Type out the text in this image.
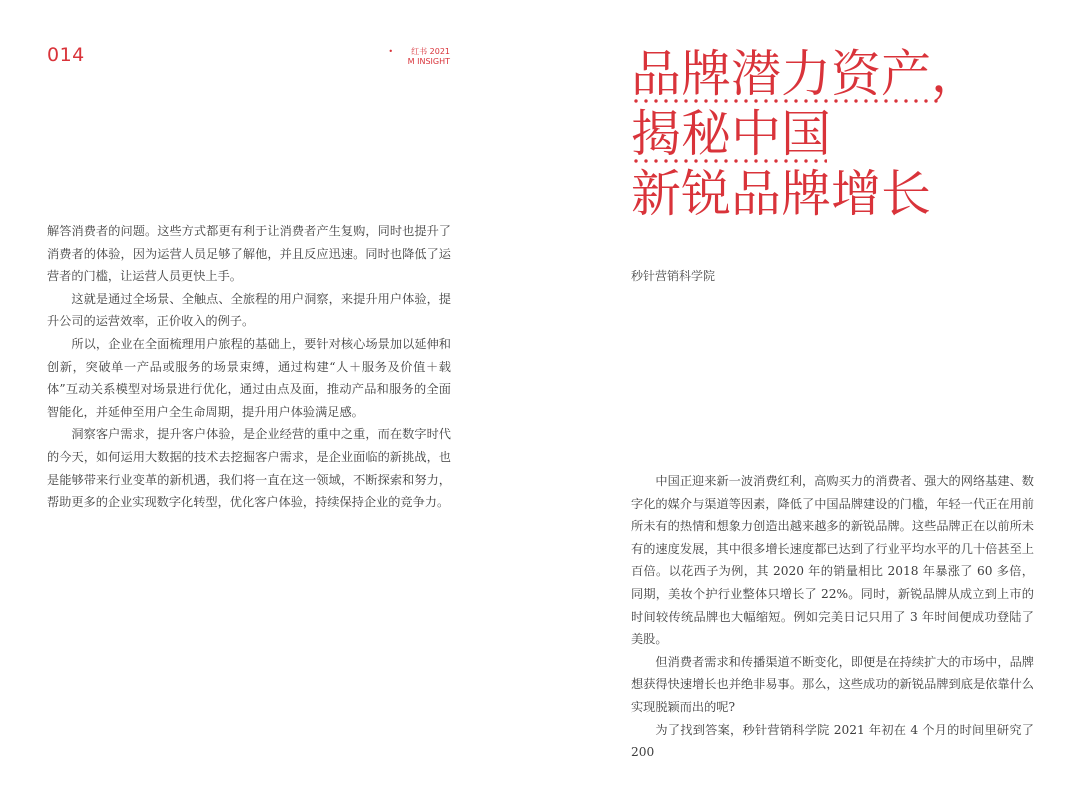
014	• 红书 2021
M INSIGHT

解答消费者的问题。这些方式都更有利于让消费者产生复购，同时也提升了消费者的体验，因为运营人员足够了解他，并且反应迅速。同时也降低了运营者的门槛，让运营人员更快上手。

这就是通过全场景、全触点、全旅程的用户洞察，来提升用户体验，提升公司的运营效率，正价收入的例子。

所以，企业在全面梳理用户旅程的基础上，要针对核心场景加以延伸和创新，突破单一产品或服务的场景束缚，通过构建“人＋服务及价值＋载体”互动关系模型对场景进行优化，通过由点及面，推动产品和服务的全面智能化，并延伸至用户全生命周期，提升用户体验满足感。

洞察客户需求，提升客户体验，是企业经营的重中之重，而在数字时代的今天，如何运用大数据的技术去挖掘客户需求，是企业面临的新挑战，也是能够带来行业变革的新机遇，我们将一直在这一领域，不断探索和努力，帮助更多的企业实现数字化转型，优化客户体验，持续保持企业的竞争力。

品牌潜力资产，
揭秘中国
新锐品牌增长
秒针营销科学院

中国正迎来新一波消费红利，高购买力的消费者、强大的网络基建、数字化的媒介与渠道等因素，降低了中国品牌建设的门槛，年轻一代正在用前所未有的热情和想象力创造出越来越多的新锐品牌。这些品牌正在以前所未有的速度发展，其中很多增长速度都已达到了行业平均水平的几十倍甚至上百倍。以花西子为例，其 2020 年的销量相比 2018 年暴涨了 60 多倍，同期，美妆个护行业整体只增长了 22%。同时，新锐品牌从成立到上市的时间较传统品牌也大幅缩短。例如完美日记只用了 3 年时间便成功登陆了美股。

但消费者需求和传播渠道不断变化，即便是在持续扩大的市场中，品牌想获得快速增长也并绝非易事。那么，这些成功的新锐品牌到底是依靠什么实现脱颖而出的呢?

为了找到答案，秒针营销科学院 2021 年初在 4 个月的时间里研究了 200
